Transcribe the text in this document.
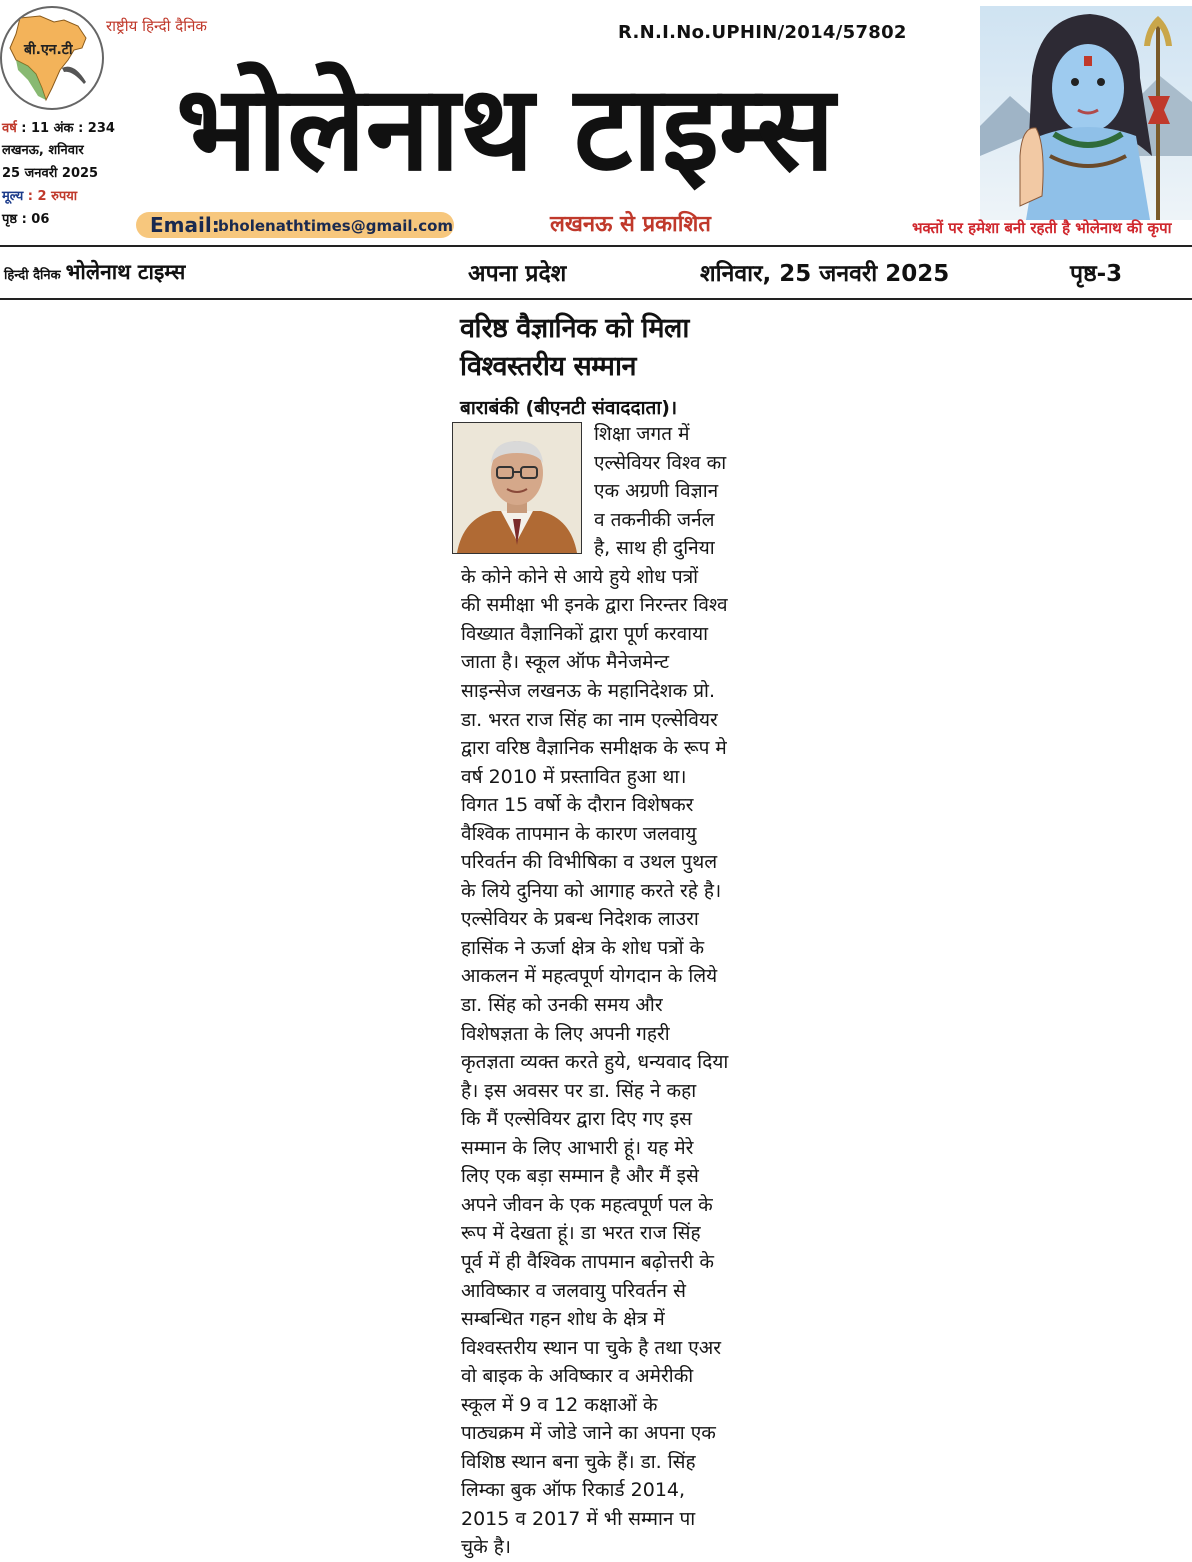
बी.एन.टी
राष्ट्रीय हिन्दी दैनिक
वर्ष : 11 अंक : 234
लखनऊ, शनिवार
25 जनवरी 2025
मूल्य : 2 रुपया
पृष्ठ : 06
R.N.I.No.UPHIN/2014/57802
भोलेनाथ टाइम्स
Email:
bholenathtimes@gmail.com	लखनऊ से प्रकाशित	भक्तों पर हमेशा बनी रहती है भोलेनाथ की कृपा
हिन्दी दैनिक भोलेनाथ टाइम्स	अपना प्रदेश	शनिवार, 25 जनवरी 2025	पृष्ठ-3
वरिष्ठ वैज्ञानिक को मिला
विश्वस्तरीय सम्मान
बाराबंकी (बीएनटी संवाददाता)।
शिक्षा जगत में
एल्सेवियर विश्व का
एक अग्रणी विज्ञान
व तकनीकी जर्नल
है, साथ ही दुनिया
के कोने कोने से आये हुये शोध पत्रों
की समीक्षा भी इनके द्वारा निरन्तर विश्व
विख्यात वैज्ञानिकों द्वारा पूर्ण करवाया
जाता है। स्कूल ऑफ मैनेजमेन्ट
साइन्सेज लखनऊ के महानिदेशक प्रो.
डा. भरत राज सिंह का नाम एल्सेवियर
द्वारा वरिष्ठ वैज्ञानिक समीक्षक के रूप मे
वर्ष 2010 में प्रस्तावित हुआ था।
विगत 15 वर्षो के दौरान विशेषकर
वैश्विक तापमान के कारण जलवायु
परिवर्तन की विभीषिका व उथल पुथल
के लिये दुनिया को आगाह करते रहे है।
एल्सेवियर के प्रबन्ध निदेशक लाउरा
हासिंक ने ऊर्जा क्षेत्र के शोध पत्रों के
आकलन में महत्वपूर्ण योगदान के लिये
डा. सिंह को उनकी समय और
विशेषज्ञता के लिए अपनी गहरी
कृतज्ञता व्यक्त करते हुये, धन्यवाद दिया
है। इस अवसर पर डा. सिंह ने कहा
कि मैं एल्सेवियर द्वारा दिए गए इस
सम्मान के लिए आभारी हूं। यह मेरे
लिए एक बड़ा सम्मान है और मैं इसे
अपने जीवन के एक महत्वपूर्ण पल के
रूप में देखता हूं। डा भरत राज सिंह
पूर्व में ही वैश्विक तापमान बढ़ोत्तरी के
आविष्कार व जलवायु परिवर्तन से
सम्बन्धित गहन शोध के क्षेत्र में
विश्वस्तरीय स्थान पा चुके है तथा एअर
वो बाइक के अविष्कार व अमेरीकी
स्कूल में 9 व 12 कक्षाओं के
पाठ्यक्रम में जोडे जाने का अपना एक
विशिष्ठ स्थान बना चुके हैं। डा. सिंह
लिम्का बुक ऑफ रिकार्ड 2014,
2015 व 2017 में भी सम्मान पा
चुके है।
